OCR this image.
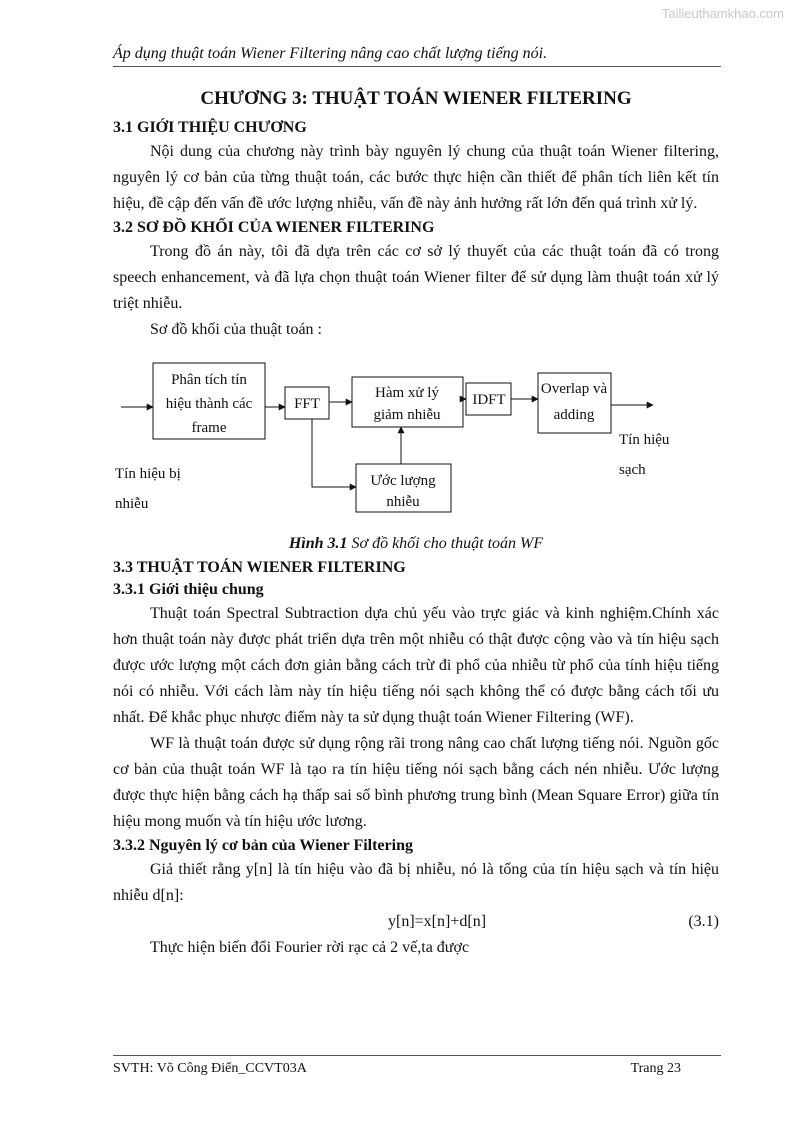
Tailieuthamkhao.com
Áp dụng thuật toán Wiener Filtering nâng cao chất lượng tiếng nói.
CHƯƠNG 3: THUẬT TOÁN WIENER FILTERING
3.1 GIỚI THIỆU CHƯƠNG

Nội dung của chương này trình bày nguyên lý chung của thuật toán Wiener filtering, nguyên lý cơ bản của từng thuật toán, các bước thực hiện cần thiết để phân tích liên kết tín hiệu, đề cập đến vấn đề ước lượng nhiễu, vấn đề này ảnh hưởng rất lớn đến quá trình xử lý.

3.2 SƠ ĐỒ KHỐI CỦA WIENER FILTERING

Trong đồ án này, tôi đã dựa trên các cơ sở lý thuyết của các thuật toán đã có trong speech enhancement, và đã lựa chọn thuật toán Wiener filter để sử dụng làm thuật toán xử lý triệt nhiễu.

Sơ đồ khối của thuật toán :

Phân tích tín
hiệu thành các
frame
FFT
Hàm xử lý
giảm nhiễu
IDFT
Overlap và
adding
Ước lượng
nhiễu
Tín hiệu bị
nhiễu
Tín hiệu
sạch
Hình 3.1 Sơ đồ khối cho thuật toán WF
3.3 THUẬT TOÁN WIENER FILTERING
3.3.1 Giới thiệu chung

Thuật toán Spectral Subtraction dựa chủ yếu vào trực giác và kinh nghiệm.Chính xác hơn thuật toán này được phát triển dựa trên một nhiễu có thật được cộng vào và tín hiệu sạch được ước lượng một cách đơn giản bằng cách trừ đi phổ của nhiễu từ phổ của tính hiệu tiếng nói có nhiễu. Với cách làm này tín hiệu tiếng nói sạch không thể có được bằng cách tối ưu nhất. Để khắc phục nhược điểm này ta sử dụng thuật toán Wiener Filtering (WF).

WF là thuật toán được sử dụng rộng rãi trong nâng cao chất lượng tiếng nói. Nguồn gốc cơ bản của thuật toán WF là tạo ra tín hiệu tiếng nói sạch bằng cách nén nhiễu. Ước lượng được thực hiện bằng cách hạ thấp sai số bình phương trung bình (Mean Square Error) giữa tín hiệu mong muốn và tín hiệu ước lương.

3.3.2 Nguyên lý cơ bản của Wiener Filtering

Giả thiết rằng y[n] là tín hiệu vào đã bị nhiễu, nó là tổng của tín hiệu sạch và tín hiệu nhiễu d[n]:

y[n]=x[n]+d[n]	(3.1)

Thực hiện biến đổi Fourier rời rạc cả 2 vế,ta được

SVTH: Võ Công Điển_CCVT03A	Trang 23
